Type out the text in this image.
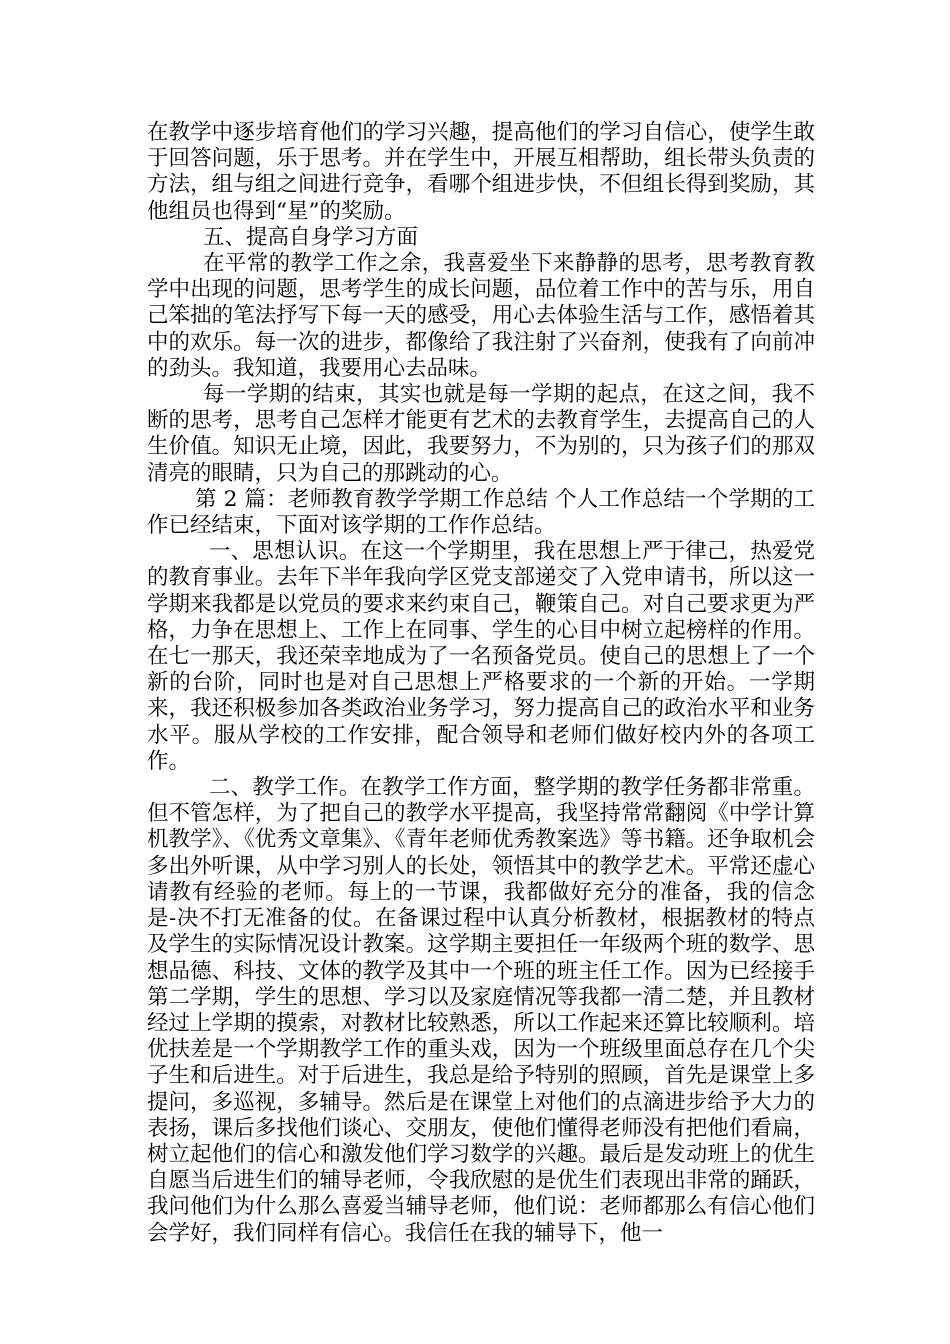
在教学中逐步培育他们的学习兴趣，提高他们的学习自信心，使学生敢于回答问题，乐于思考。并在学生中，开展互相帮助，组长带头负责的方法，组与组之间进行竞争，看哪个组进步快，不但组长得到奖励，其他组员也得到“星”的奖励。

五、提高自身学习方面

在平常的教学工作之余，我喜爱坐下来静静的思考，思考教育教学中出现的问题，思考学生的成长问题，品位着工作中的苦与乐，用自己笨拙的笔法抒写下每一天的感受，用心去体验生活与工作，感悟着其中的欢乐。每一次的进步，都像给了我注射了兴奋剂，使我有了向前冲的劲头。我知道，我要用心去品味。

每一学期的结束，其实也就是每一学期的起点，在这之间，我不断的思考，思考自己怎样才能更有艺术的去教育学生，去提高自己的人生价值。知识无止境，因此，我要努力，不为别的，只为孩子们的那双清亮的眼睛，只为自己的那跳动的心。

第 2 篇：老师教育教学学期工作总结 个人工作总结一个学期的工作已经结束，下面对该学期的工作作总结。

一、思想认识。在这一个学期里，我在思想上严于律己，热爱党的教育事业。去年下半年我向学区党支部递交了入党申请书，所以这一学期来我都是以党员的要求来约束自己，鞭策自己。对自己要求更为严格，力争在思想上、工作上在同事、学生的心目中树立起榜样的作用。在七一那天，我还荣幸地成为了一名预备党员。使自己的思想上了一个新的台阶，同时也是对自己思想上严格要求的一个新的开始。一学期来，我还积极参加各类政治业务学习，努力提高自己的政治水平和业务水平。服从学校的工作安排，配合领导和老师们做好校内外的各项工作。

二、教学工作。在教学工作方面，整学期的教学任务都非常重。但不管怎样，为了把自己的教学水平提高，我坚持常常翻阅《中学计算机教学》、《优秀文章集》、《青年老师优秀教案选》等书籍。还争取机会多出外听课，从中学习别人的长处，领悟其中的教学艺术。平常还虚心请教有经验的老师。每上的一节课，我都做好充分的准备，我的信念是-决不打无准备的仗。在备课过程中认真分析教材，根据教材的特点及学生的实际情况设计教案。这学期主要担任一年级两个班的数学、思想品德、科技、文体的教学及其中一个班的班主任工作。因为已经接手第二学期，学生的思想、学习以及家庭情况等我都一清二楚，并且教材经过上学期的摸索，对教材比较熟悉，所以工作起来还算比较顺利。培优扶差是一个学期教学工作的重头戏，因为一个班级里面总存在几个尖子生和后进生。对于后进生，我总是给予特别的照顾，首先是课堂上多提问，多巡视，多辅导。然后是在课堂上对他们的点滴进步给予大力的表扬，课后多找他们谈心、交朋友，使他们懂得老师没有把他们看扁，树立起他们的信心和激发他们学习数学的兴趣。最后是发动班上的优生自愿当后进生们的辅导老师，令我欣慰的是优生们表现出非常的踊跃，我问他们为什么那么喜爱当辅导老师，他们说：老师都那么有信心他们会学好，我们同样有信心。我信任在我的辅导下，他一
